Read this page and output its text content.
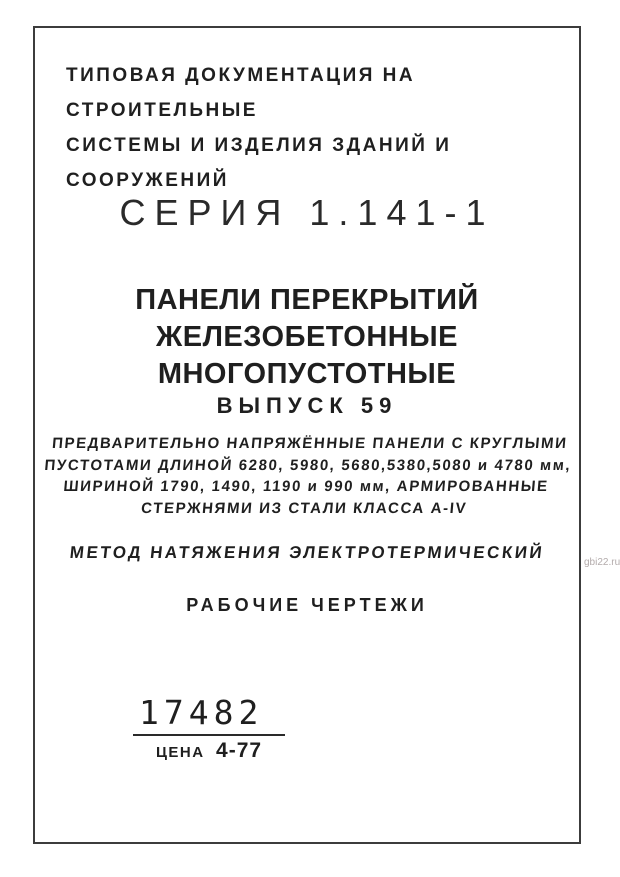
ТИПОВАЯ ДОКУМЕНТАЦИЯ НА СТРОИТЕЛЬНЫЕ
СИСТЕМЫ И ИЗДЕЛИЯ ЗДАНИЙ И СООРУЖЕНИЙ
СЕРИЯ 1.141-1
ПАНЕЛИ ПЕРЕКРЫТИЙ ЖЕЛЕЗОБЕТОННЫЕ
МНОГОПУСТОТНЫЕ
ВЫПУСК 59
ПРЕДВАРИТЕЛЬНО НАПРЯЖЁННЫЕ ПАНЕЛИ С КРУГЛЫМИ
ПУСТОТАМИ ДЛИНОЙ 6280, 5980, 5680,5380,5080 и 4780 мм,
ШИРИНОЙ 1790, 1490, 1190 и 990 мм, АРМИРОВАННЫЕ
СТЕРЖНЯМИ ИЗ СТАЛИ КЛАССА А-IV
МЕТОД НАТЯЖЕНИЯ ЭЛЕКТРОТЕРМИЧЕСКИЙ
РАБОЧИЕ ЧЕРТЕЖИ
17482
ЦЕНА 4-77
gbi22.ru
